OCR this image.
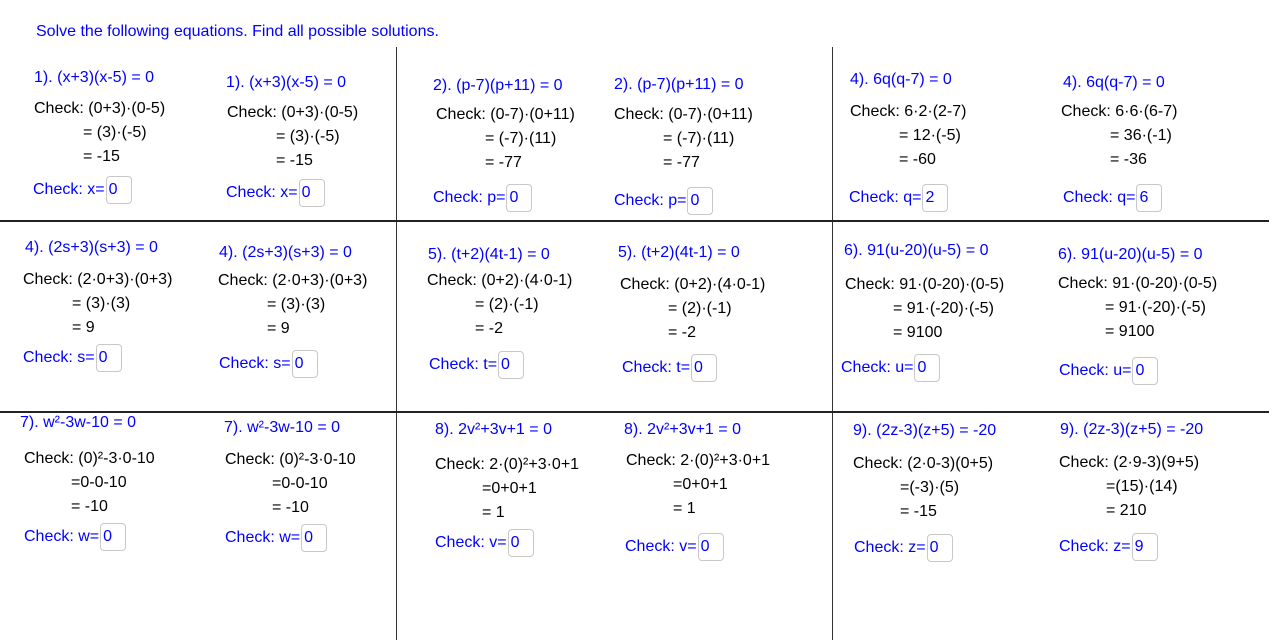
Solve the following equations. Find all possible solutions.
1). (x+3)(x-5) = 0
Check: (0+3)·(0-5)
= (3)·(-5)
= -15
Check: x= 0
1). (x+3)(x-5) = 0
Check: (0+3)·(0-5)
= (3)·(-5)
= -15
Check: x= 0
2). (p-7)(p+11) = 0
Check: (0-7)·(0+11)
= (-7)·(11)
= -77
Check: p= 0
2). (p-7)(p+11) = 0
Check: (0-7)·(0+11)
= (-7)·(11)
= -77
Check: p= 0
4). 6q(q-7) = 0
Check: 6·2·(2-7)
= 12·(-5)
= -60
Check: q= 2
4). 6q(q-7) = 0
Check: 6·6·(6-7)
= 36·(-1)
= -36
Check: q= 6
4). (2s+3)(s+3) = 0
Check: (2·0+3)·(0+3)
= (3)·(3)
= 9
Check: s= 0
4). (2s+3)(s+3) = 0
Check: (2·0+3)·(0+3)
= (3)·(3)
= 9
Check: s= 0
5). (t+2)(4t-1) = 0
Check: (0+2)·(4·0-1)
= (2)·(-1)
= -2
Check: t= 0
5). (t+2)(4t-1) = 0
Check: (0+2)·(4·0-1)
= (2)·(-1)
= -2
Check: t= 0
6). 91(u-20)(u-5) = 0
Check: 91·(0-20)·(0-5)
= 91·(-20)·(-5)
= 9100
Check: u= 0
6). 91(u-20)(u-5) = 0
Check: 91·(0-20)·(0-5)
= 91·(-20)·(-5)
= 9100
Check: u= 0
7). w²-3w-10 = 0
Check: (0)²-3·0-10
=0-0-10
= -10
Check: w= 0
7). w²-3w-10 = 0
Check: (0)²-3·0-10
=0-0-10
= -10
Check: w= 0
8). 2v²+3v+1 = 0
Check: 2·(0)²+3·0+1
=0+0+1
= 1
Check: v= 0
8). 2v²+3v+1 = 0
Check: 2·(0)²+3·0+1
=0+0+1
= 1
Check: v= 0
9). (2z-3)(z+5) = -20
Check: (2·0-3)(0+5)
=(-3)·(5)
= -15
Check: z= 0
9). (2z-3)(z+5) = -20
Check: (2·9-3)(9+5)
=(15)·(14)
= 210
Check: z= 9
